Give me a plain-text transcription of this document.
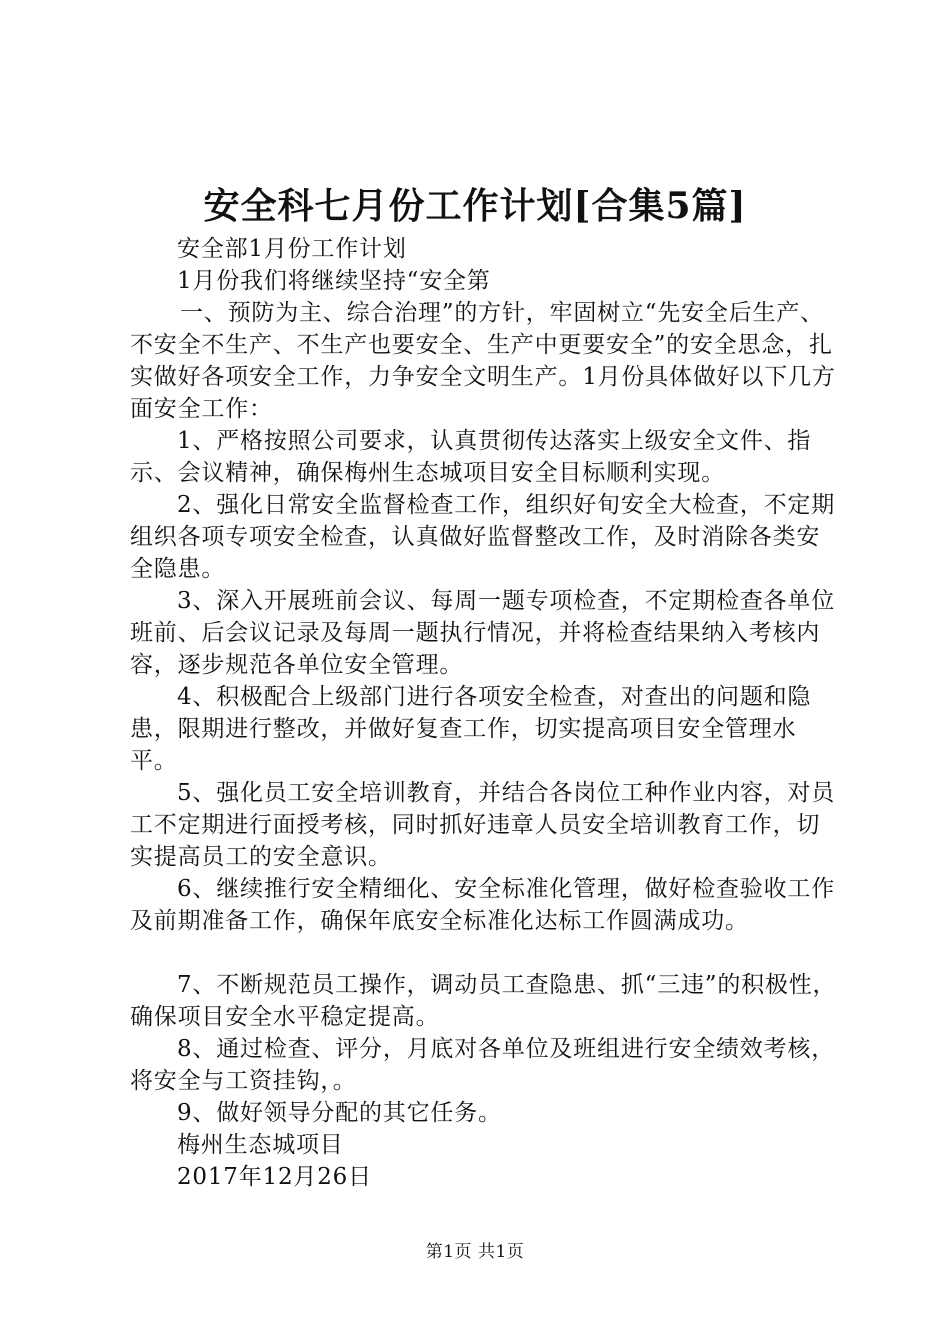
安全科七月份工作计划[合集5篇]

安全部1月份工作计划

1月份我们将继续坚持“安全第

一、预防为主、综合治理”的方针，牢固树立“先安全后生产、不安全不生产、不生产也要安全、生产中更要安全”的安全思念，扎实做好各项安全工作，力争安全文明生产。1月份具体做好以下几方面安全工作：

1、严格按照公司要求，认真贯彻传达落实上级安全文件、指示、会议精神，确保梅州生态城项目安全目标顺利实现。

2、强化日常安全监督检查工作，组织好旬安全大检查，不定期组织各项专项安全检查，认真做好监督整改工作，及时消除各类安全隐患。

3、深入开展班前会议、每周一题专项检查，不定期检查各单位班前、后会议记录及每周一题执行情况，并将检查结果纳入考核内容，逐步规范各单位安全管理。

4、积极配合上级部门进行各项安全检查，对查出的问题和隐患，限期进行整改，并做好复查工作，切实提高项目安全管理水平。

5、强化员工安全培训教育，并结合各岗位工种作业内容，对员工不定期进行面授考核，同时抓好违章人员安全培训教育工作，切实提高员工的安全意识。

6、继续推行安全精细化、安全标准化管理，做好检查验收工作及前期准备工作，确保年底安全标准化达标工作圆满成功。

7、不断规范员工操作，调动员工查隐患、抓“三违”的积极性，确保项目安全水平稳定提高。

8、通过检查、评分，月底对各单位及班组进行安全绩效考核，将安全与工资挂钩，。

9、做好领导分配的其它任务。

梅州生态城项目

2017年12月26日

第1页 共1页
